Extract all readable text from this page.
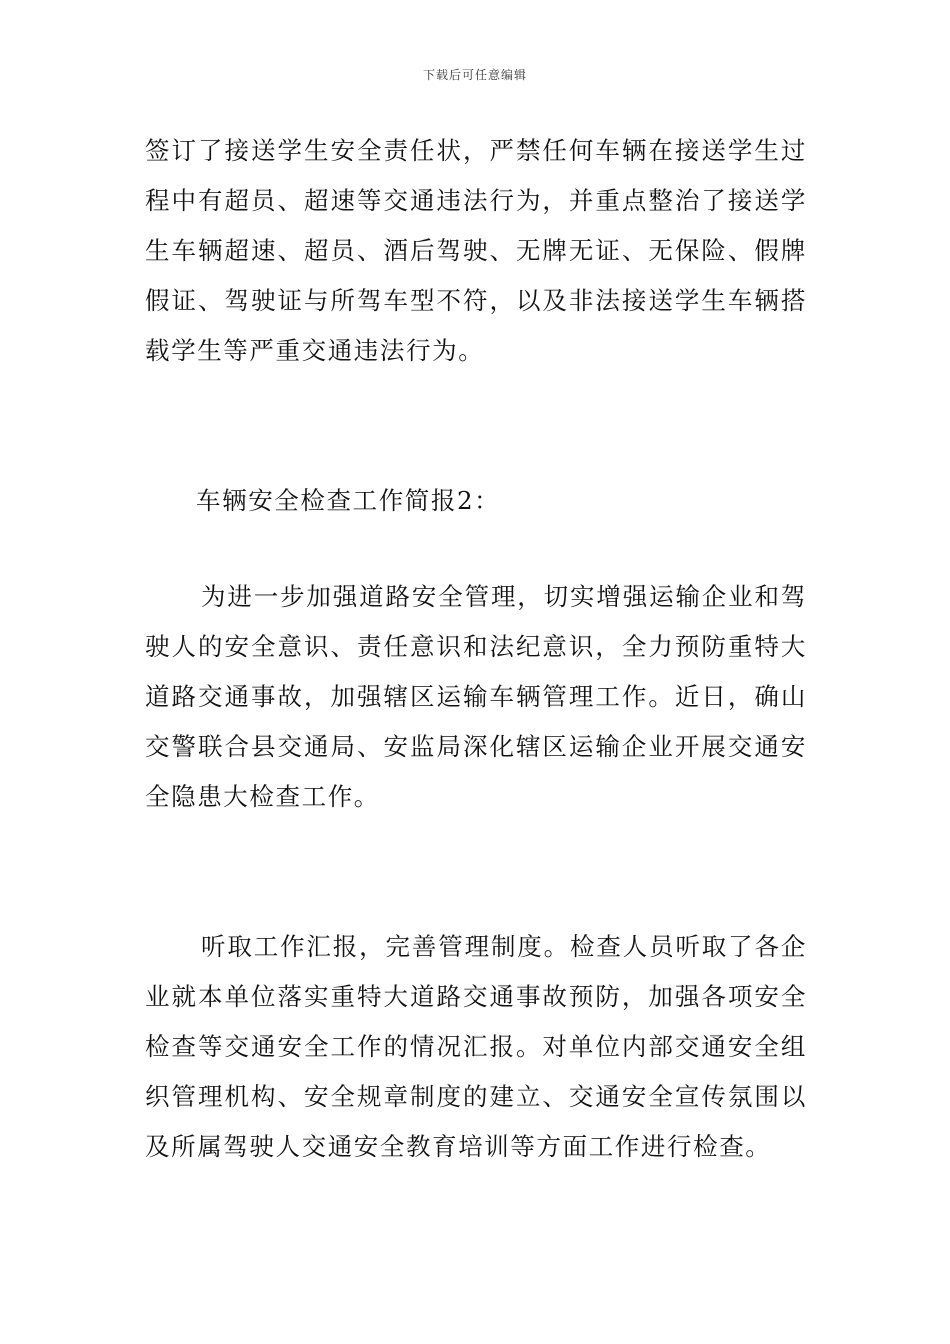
下载后可任意编辑

签订了接送学生安全责任状，严禁任何车辆在接送学生过程中有超员、超速等交通违法行为，并重点整治了接送学生车辆超速、超员、酒后驾驶、无牌无证、无保险、假牌假证、驾驶证与所驾车型不符，以及非法接送学生车辆搭载学生等严重交通违法行为。

车辆安全检查工作简报2：

为进一步加强道路安全管理，切实增强运输企业和驾驶人的安全意识、责任意识和法纪意识，全力预防重特大道路交通事故，加强辖区运输车辆管理工作。近日，确山交警联合县交通局、安监局深化辖区运输企业开展交通安全隐患大检查工作。

听取工作汇报，完善管理制度。检查人员听取了各企业就本单位落实重特大道路交通事故预防，加强各项安全检查等交通安全工作的情况汇报。对单位内部交通安全组织管理机构、安全规章制度的建立、交通安全宣传氛围以及所属驾驶人交通安全教育培训等方面工作进行检查。
